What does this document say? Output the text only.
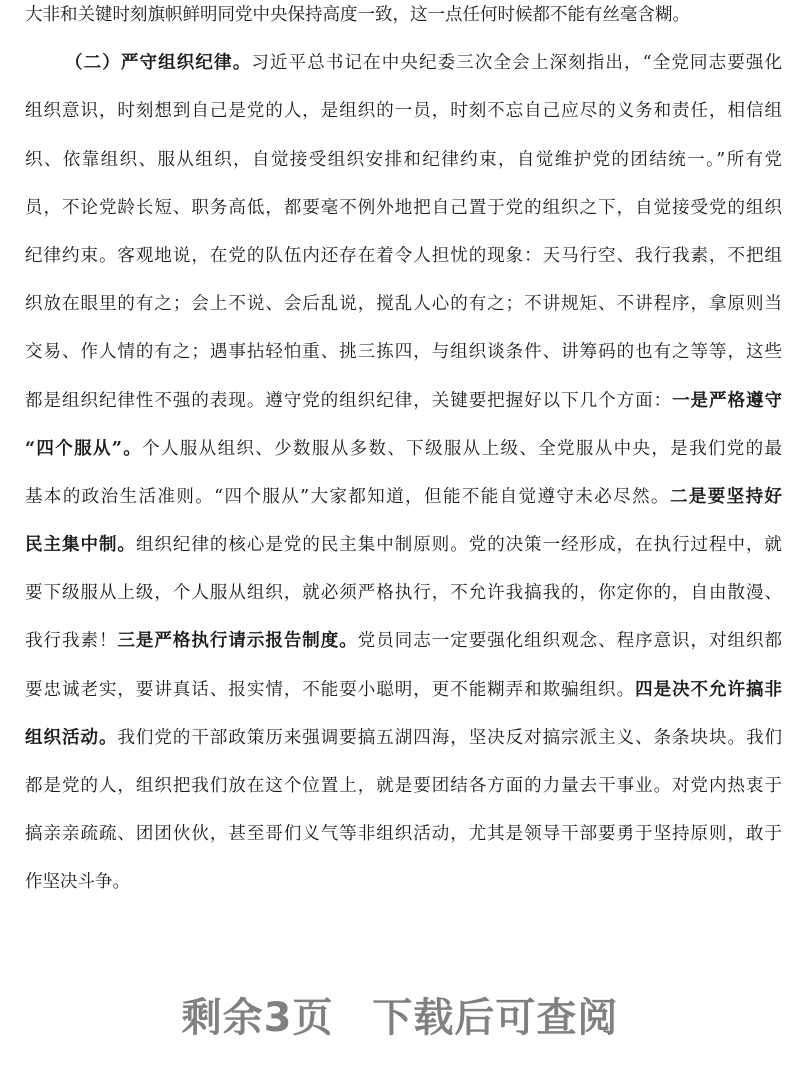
大非和关键时刻旗帜鲜明同党中央保持高度一致，这一点任何时候都不能有丝毫含糊。
（二）严守组织纪律。习近平总书记在中央纪委三次全会上深刻指出，“全党同志要强化
组织意识，时刻想到自己是党的人，是组织的一员，时刻不忘自己应尽的义务和责任，相信组
织、依靠组织、服从组织，自觉接受组织安排和纪律约束，自觉维护党的团结统一。”所有党
员，不论党龄长短、职务高低，都要毫不例外地把自己置于党的组织之下，自觉接受党的组织
纪律约束。客观地说，在党的队伍内还存在着令人担忧的现象：天马行空、我行我素，不把组
织放在眼里的有之；会上不说、会后乱说，搅乱人心的有之；不讲规矩、不讲程序，拿原则当
交易、作人情的有之；遇事拈轻怕重、挑三拣四，与组织谈条件、讲筹码的也有之等等，这些
都是组织纪律性不强的表现。遵守党的组织纪律，关键要把握好以下几个方面：一是严格遵守
“四个服从”。个人服从组织、少数服从多数、下级服从上级、全党服从中央，是我们党的最
基本的政治生活准则。“四个服从”大家都知道，但能不能自觉遵守未必尽然。二是要坚持好
民主集中制。组织纪律的核心是党的民主集中制原则。党的决策一经形成，在执行过程中，就
要下级服从上级，个人服从组织，就必须严格执行，不允许我搞我的，你定你的，自由散漫、
我行我素！三是严格执行请示报告制度。党员同志一定要强化组织观念、程序意识，对组织都
要忠诚老实，要讲真话、报实情，不能耍小聪明，更不能糊弄和欺骗组织。四是决不允许搞非
组织活动。我们党的干部政策历来强调要搞五湖四海，坚决反对搞宗派主义、条条块块。我们
都是党的人，组织把我们放在这个位置上，就是要团结各方面的力量去干事业。对党内热衷于
搞亲亲疏疏、团团伙伙，甚至哥们义气等非组织活动，尤其是领导干部要勇于坚持原则，敢于
作坚决斗争。
剩余3页 下载后可查阅
